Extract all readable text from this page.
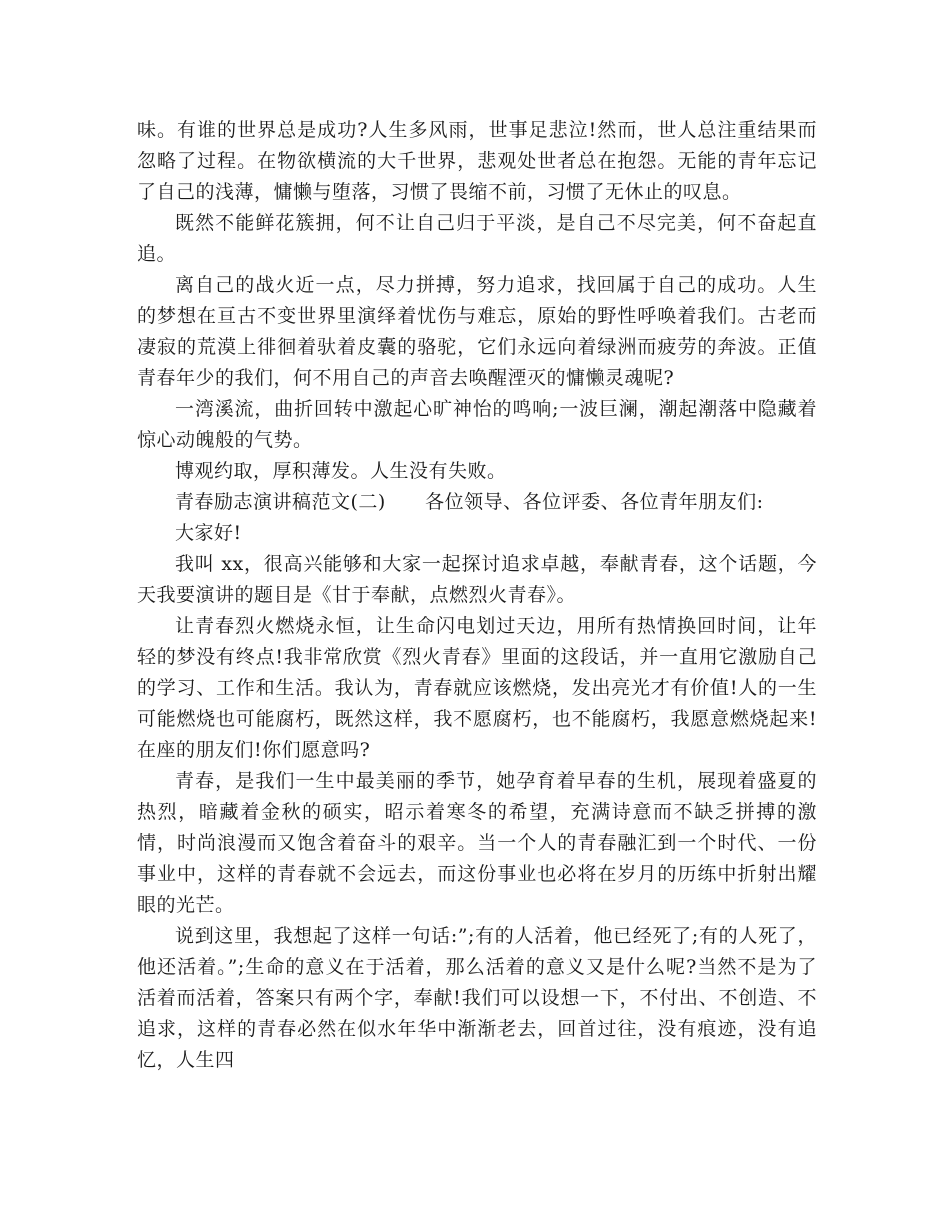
味。有谁的世界总是成功?人生多风雨，世事足悲泣!然而，世人总注重结果而忽略了过程。在物欲横流的大千世界，悲观处世者总在抱怨。无能的青年忘记了自己的浅薄，慵懒与堕落，习惯了畏缩不前，习惯了无休止的叹息。

既然不能鲜花簇拥，何不让自己归于平淡，是自己不尽完美，何不奋起直追。

离自己的战火近一点，尽力拼搏，努力追求，找回属于自己的成功。人生的梦想在亘古不变世界里演绎着忧伤与难忘，原始的野性呼唤着我们。古老而凄寂的荒漠上徘徊着驮着皮囊的骆驼，它们永远向着绿洲而疲劳的奔波。正值青春年少的我们，何不用自己的声音去唤醒湮灭的慵懒灵魂呢?

一湾溪流，曲折回转中激起心旷神怡的鸣响;一波巨澜，潮起潮落中隐藏着惊心动魄般的气势。

博观约取，厚积薄发。人生没有失败。

青春励志演讲稿范文(二)      各位领导、各位评委、各位青年朋友们:

大家好!

我叫 xx，很高兴能够和大家一起探讨追求卓越，奉献青春，这个话题，今天我要演讲的题目是《甘于奉献，点燃烈火青春》。

让青春烈火燃烧永恒，让生命闪电划过天边，用所有热情换回时间，让年轻的梦没有终点!我非常欣赏《烈火青春》里面的这段话，并一直用它激励自己的学习、工作和生活。我认为，青春就应该燃烧，发出亮光才有价值!人的一生可能燃烧也可能腐朽，既然这样，我不愿腐朽，也不能腐朽，我愿意燃烧起来!在座的朋友们!你们愿意吗?

青春，是我们一生中最美丽的季节，她孕育着早春的生机，展现着盛夏的热烈，暗藏着金秋的硕实，昭示着寒冬的希望，充满诗意而不缺乏拼搏的激情，时尚浪漫而又饱含着奋斗的艰辛。当一个人的青春融汇到一个时代、一份事业中，这样的青春就不会远去，而这份事业也必将在岁月的历练中折射出耀眼的光芒。

说到这里，我想起了这样一句话:”;有的人活着，他已经死了;有的人死了，他还活着。”;生命的意义在于活着，那么活着的意义又是什么呢?当然不是为了活着而活着，答案只有两个字，奉献!我们可以设想一下，不付出、不创造、不追求，这样的青春必然在似水年华中渐渐老去，回首过往，没有痕迹，没有追忆，人生四
